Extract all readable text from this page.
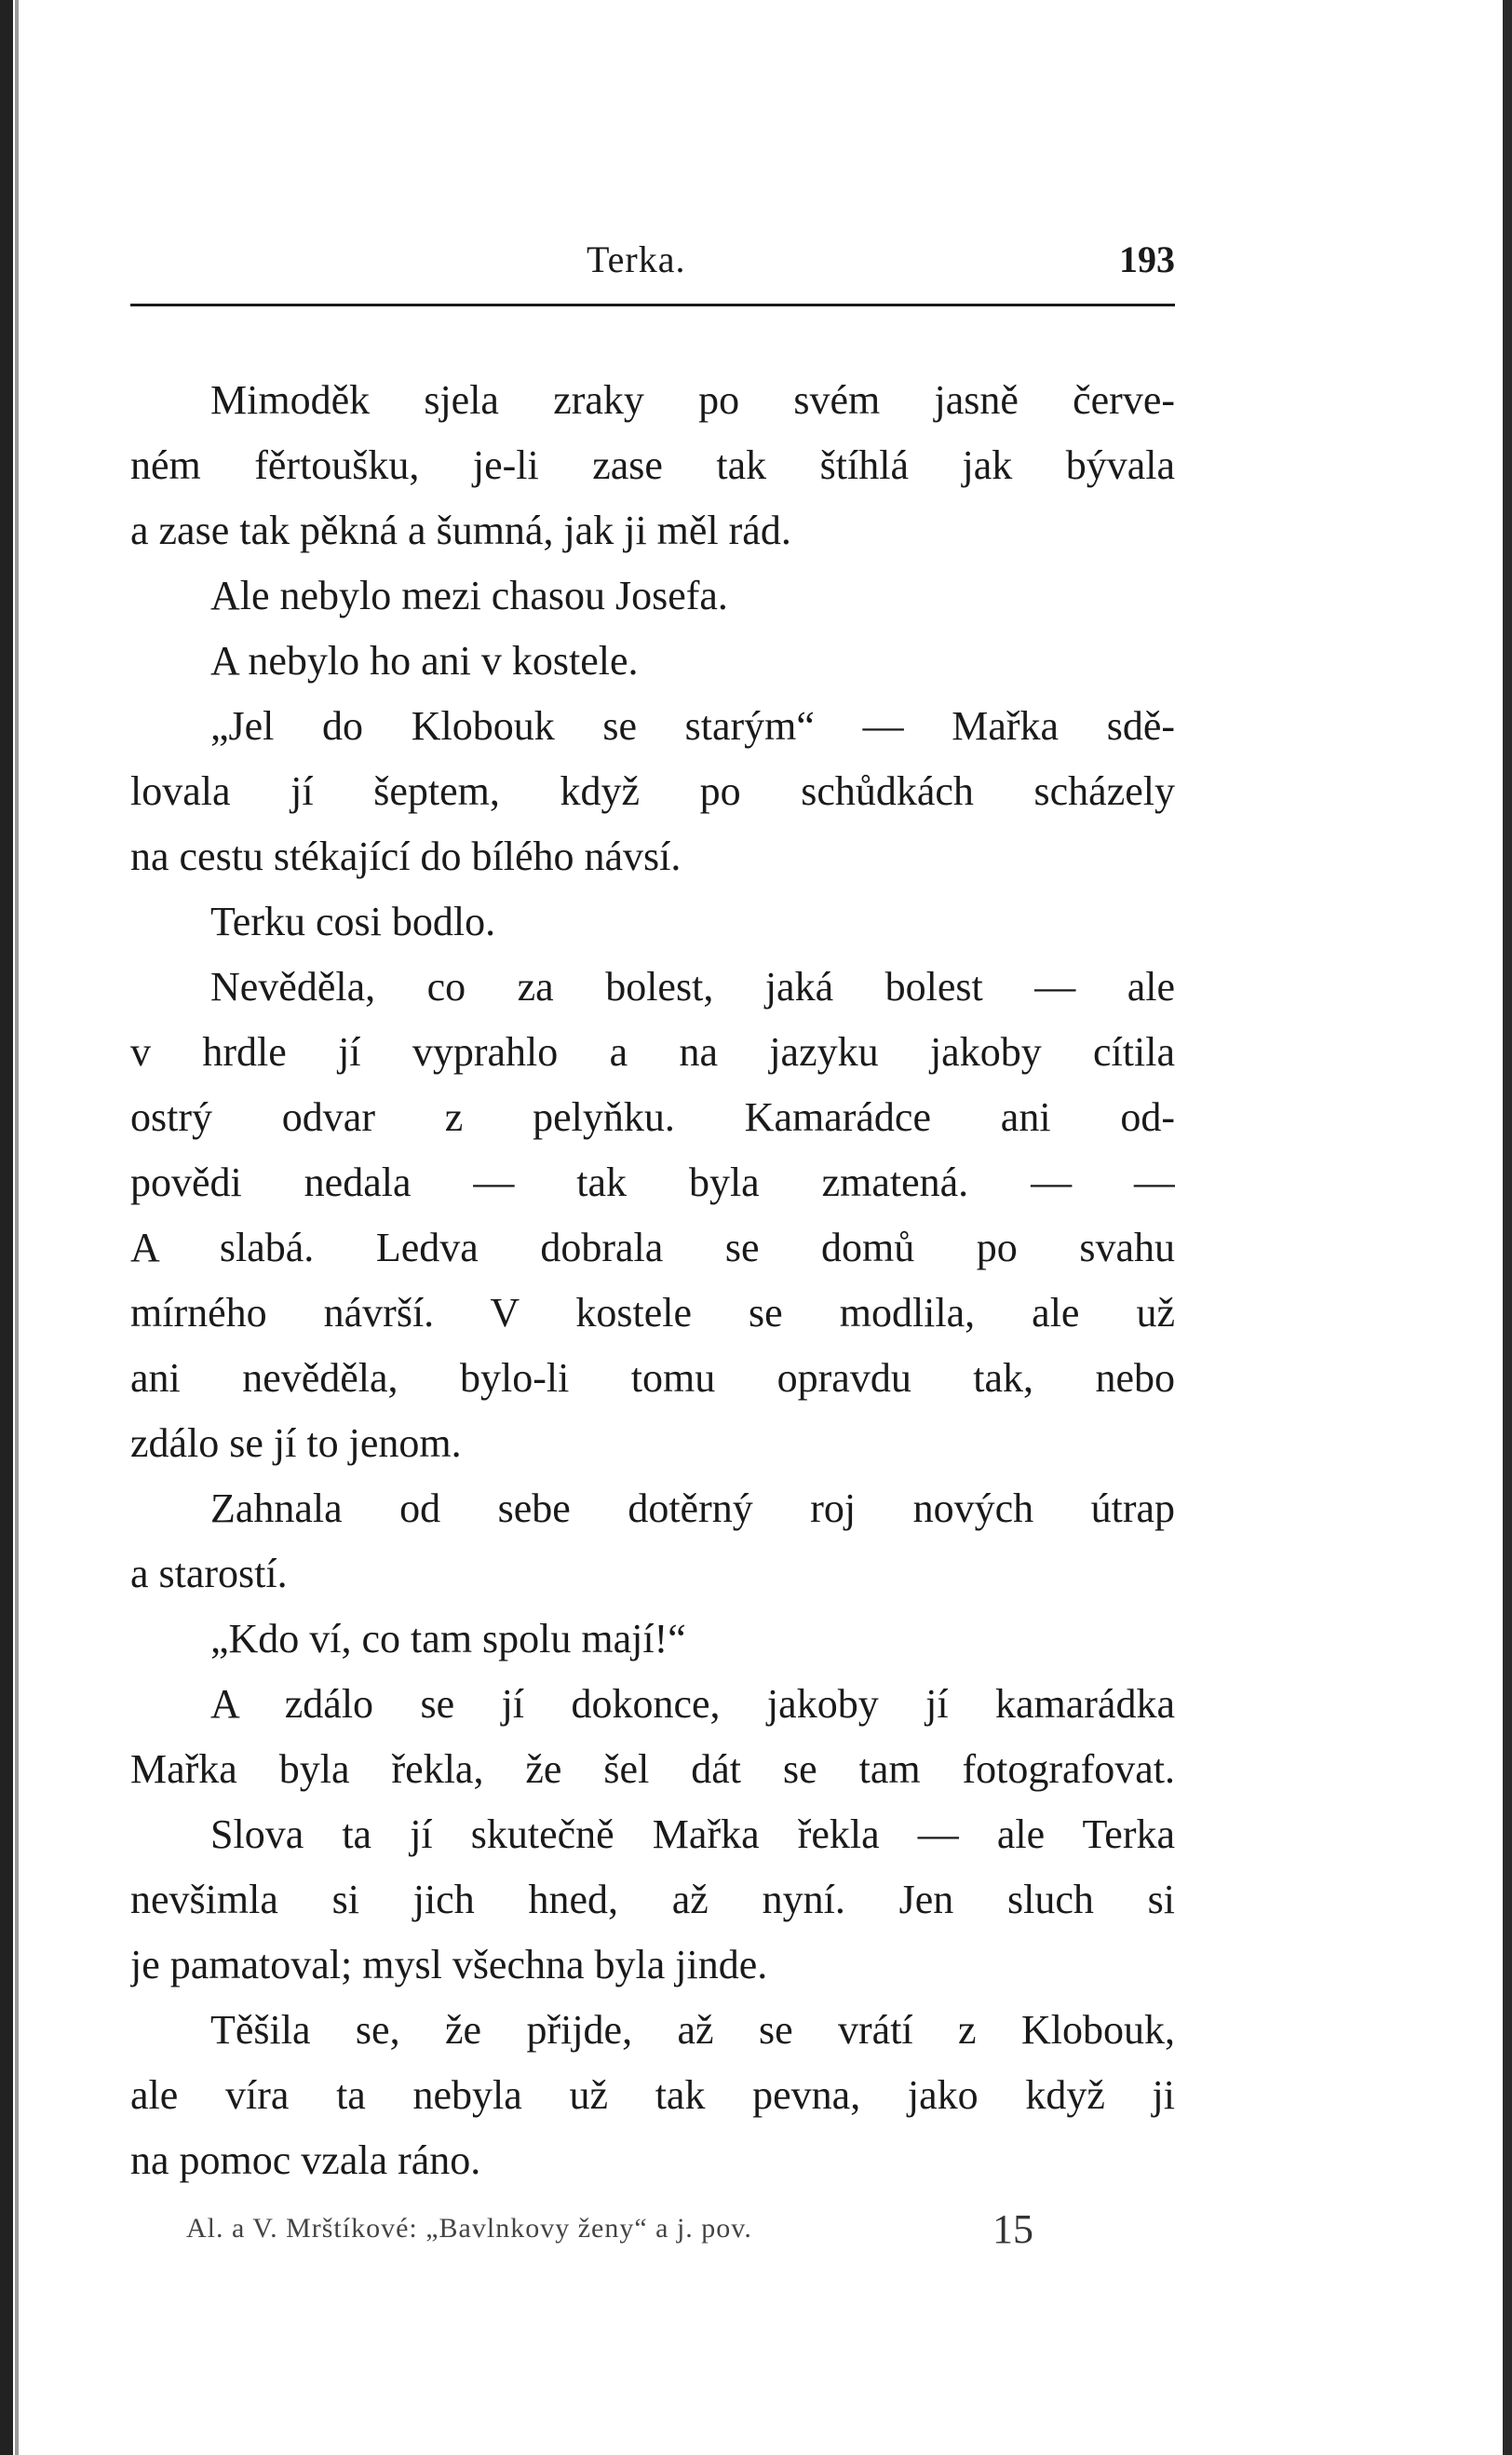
Terka.	193
Mimoděk sjela zraky po svém jasně červe-
ném fěrtoušku, je-li zase tak štíhlá jak bývala
a zase tak pěkná a šumná, jak ji měl rád.
Ale nebylo mezi chasou Josefa.
A nebylo ho ani v kostele.
„Jel do Klobouk se starým“ — Mařka sdě-
lovala jí šeptem, když po schůdkách scházely
na cestu stékající do bílého návsí.
Terku cosi bodlo.
Nevěděla, co za bolest, jaká bolest — ale
v hrdle jí vyprahlo a na jazyku jakoby cítila
ostrý odvar z pelyňku. Kamarádce ani od-
povědi nedala — tak byla zmatená. — —
A slabá. Ledva dobrala se domů po svahu
mírného návrší. V kostele se modlila, ale už
ani nevěděla, bylo-li tomu opravdu tak, nebo
zdálo se jí to jenom.
Zahnala od sebe dotěrný roj nových útrap
a starostí.
„Kdo ví, co tam spolu mají!“
A zdálo se jí dokonce, jakoby jí kamarádka
Mařka byla řekla, že šel dát se tam fotografovat.
Slova ta jí skutečně Mařka řekla — ale Terka
nevšimla si jich hned, až nyní. Jen sluch si
je pamatoval; mysl všechna byla jinde.
Těšila se, že přijde, až se vrátí z Klobouk,
ale víra ta nebyla už tak pevna, jako když ji
na pomoc vzala ráno.
Al. a V. Mrštíkové: „Bavlnkovy ženy“ a j. pov.	15
